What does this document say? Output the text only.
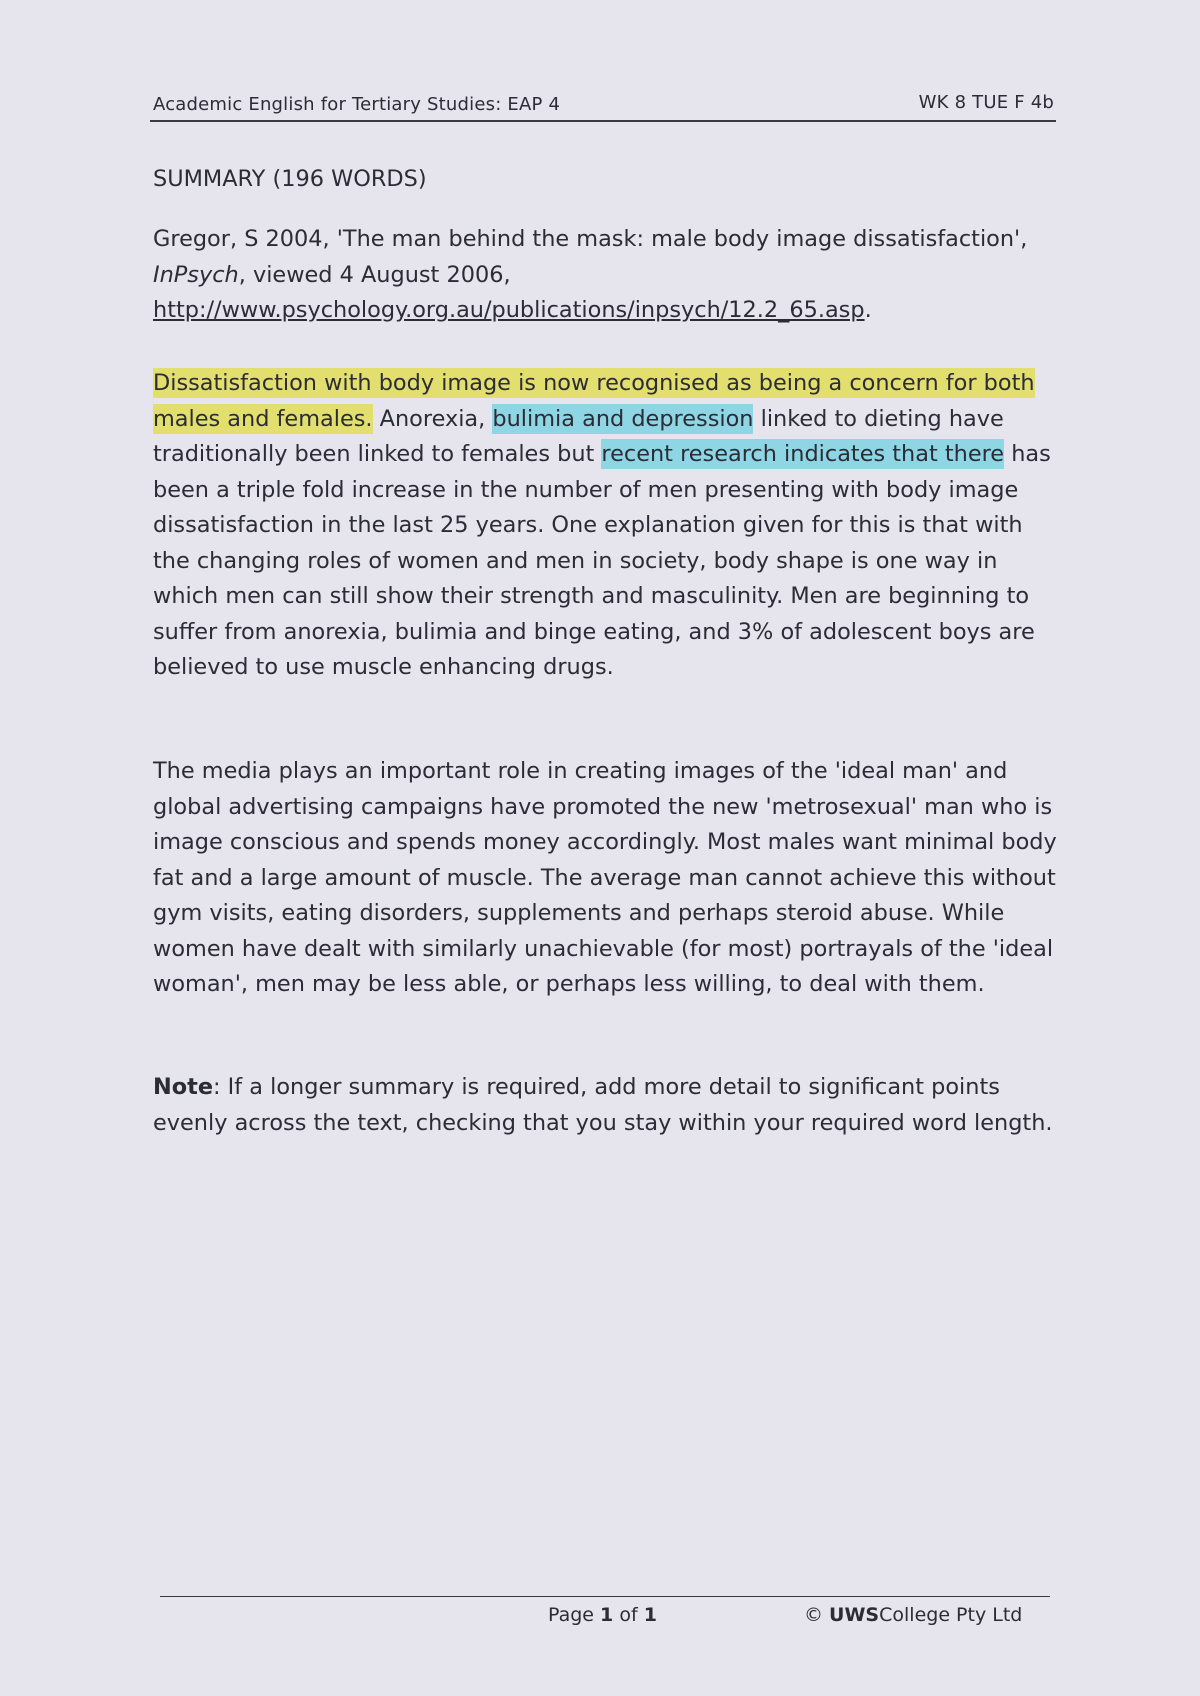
Academic English for Tertiary Studies: EAP 4	WK 8 TUE F 4b
SUMMARY (196 WORDS)

Gregor, S 2004, 'The man behind the mask: male body image dissatisfaction', InPsych, viewed 4 August 2006,
http://www.psychology.org.au/publications/inpsych/12.2_65.asp.

Dissatisfaction with body image is now recognised as being a concern for both males and females. Anorexia, bulimia and depression linked to dieting have traditionally been linked to females but recent research indicates that there has been a triple fold increase in the number of men presenting with body image dissatisfaction in the last 25 years. One explanation given for this is that with the changing roles of women and men in society, body shape is one way in which men can still show their strength and masculinity. Men are beginning to suffer from anorexia, bulimia and binge eating, and 3% of adolescent boys are believed to use muscle enhancing drugs.

The media plays an important role in creating images of the 'ideal man' and global advertising campaigns have promoted the new 'metrosexual' man who is image conscious and spends money accordingly. Most males want minimal body fat and a large amount of muscle. The average man cannot achieve this without gym visits, eating disorders, supplements and perhaps steroid abuse. While women have dealt with similarly unachievable (for most) portrayals of the 'ideal woman', men may be less able, or perhaps less willing, to deal with them.

Note: If a longer summary is required, add more detail to significant points evenly across the text, checking that you stay within your required word length.

Page 1 of 1	© UWSCollege Pty Ltd
